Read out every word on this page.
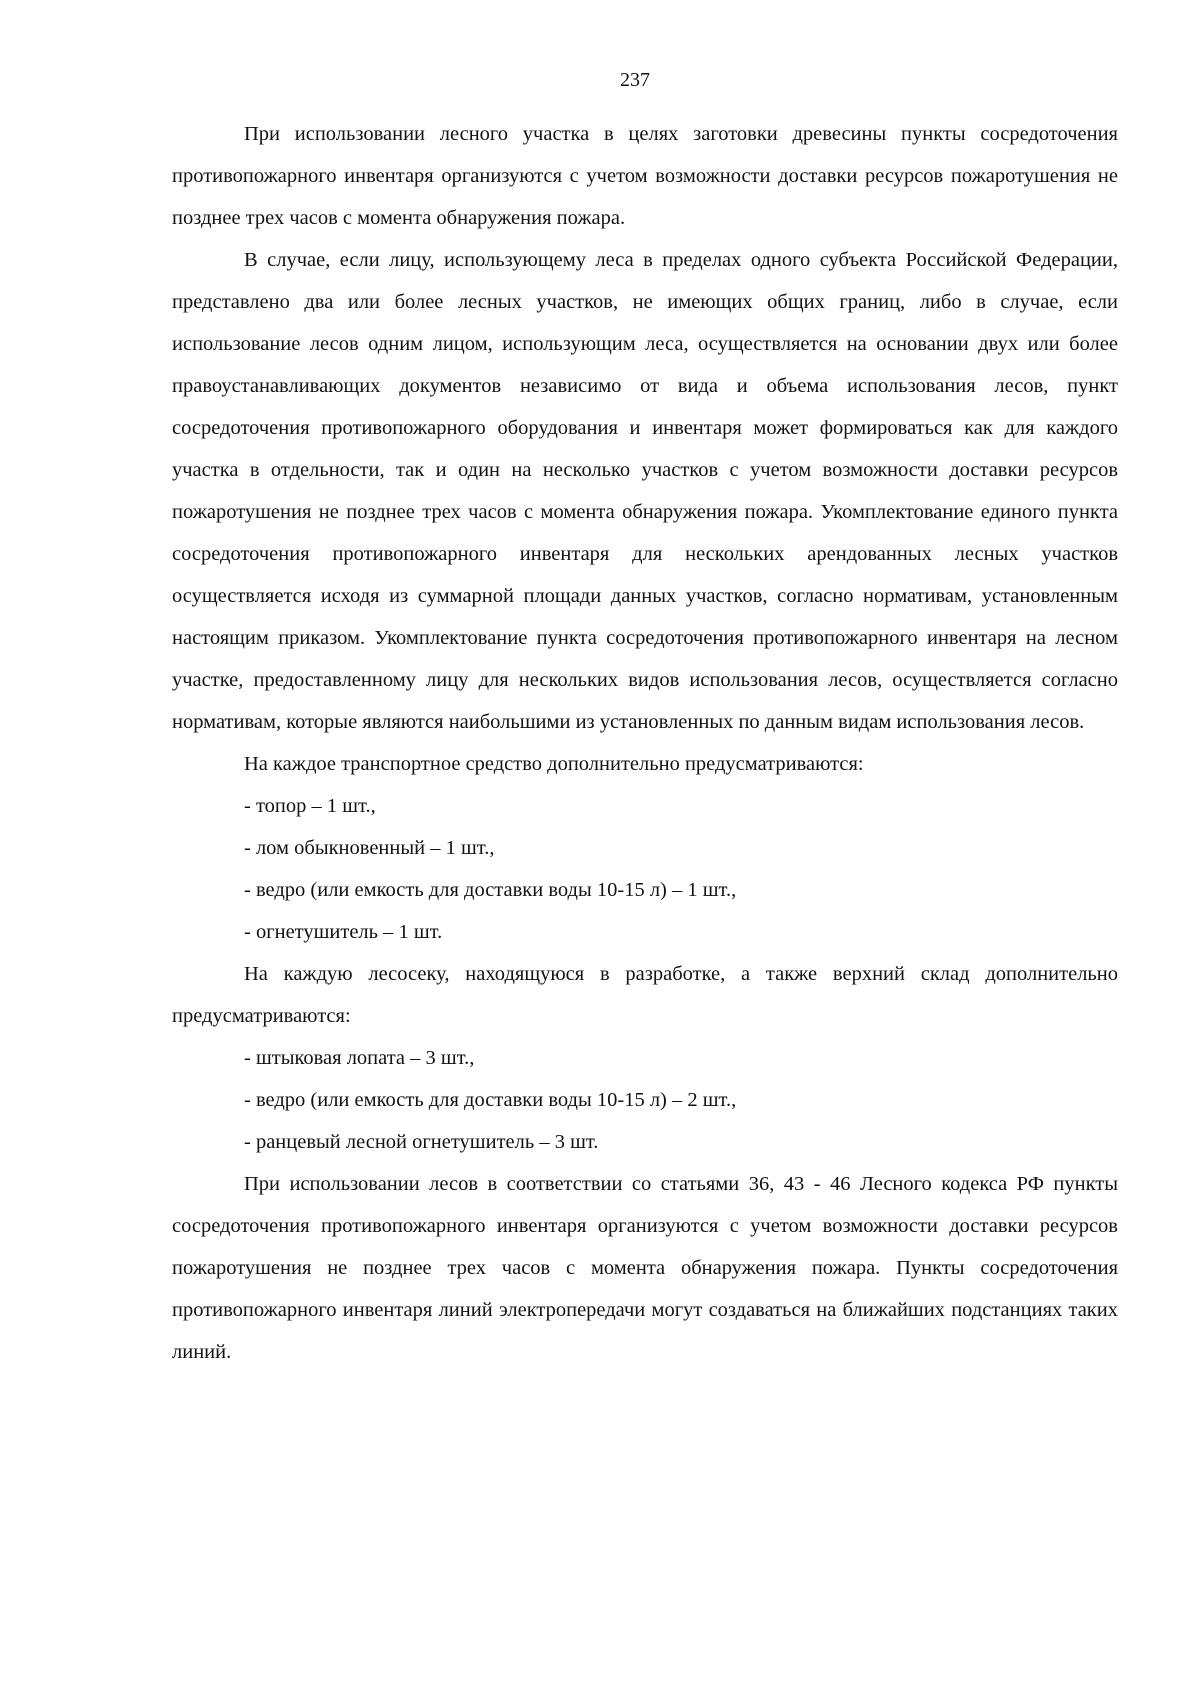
237

При использовании лесного участка в целях заготовки древесины пункты сосредоточения противопожарного инвентаря организуются с учетом возможности доставки ресурсов пожаротушения не позднее трех часов с момента обнаружения пожара.

В случае, если лицу, использующему леса в пределах одного субъекта Российской Федерации, представлено два или более лесных участков, не имеющих общих границ, либо в случае, если использование лесов одним лицом, использующим леса, осуществляется на основании двух или более правоустанавливающих документов независимо от вида и объема использования лесов, пункт сосредоточения противопожарного оборудования и инвентаря может формироваться как для каждого участка в отдельности, так и один на несколько участков с учетом возможности доставки ресурсов пожаротушения не позднее трех часов с момента обнаружения пожара. Укомплектование единого пункта сосредоточения противопожарного инвентаря для нескольких арендованных лесных участков осуществляется исходя из суммарной площади данных участков, согласно нормативам, установленным настоящим приказом. Укомплектование пункта сосредоточения противопожарного инвентаря на лесном участке, предоставленному лицу для нескольких видов использования лесов, осуществляется согласно нормативам, которые являются наибольшими из установленных по данным видам использования лесов.

На каждое транспортное средство дополнительно предусматриваются:

- топор – 1 шт.,
- лом обыкновенный – 1 шт.,
- ведро (или емкость для доставки воды 10-15 л) – 1 шт.,
- огнетушитель – 1 шт.

На каждую лесосеку, находящуюся в разработке, а также верхний склад дополнительно предусматриваются:

- штыковая лопата – 3 шт.,
- ведро (или емкость для доставки воды 10-15 л) – 2 шт.,
- ранцевый лесной огнетушитель – 3 шт.

При использовании лесов в соответствии со статьями 36, 43 - 46 Лесного кодекса РФ пункты сосредоточения противопожарного инвентаря организуются с учетом возможности доставки ресурсов пожаротушения не позднее трех часов с момента обнаружения пожара. Пункты сосредоточения противопожарного инвентаря линий электропередачи могут создаваться на ближайших подстанциях таких линий.
